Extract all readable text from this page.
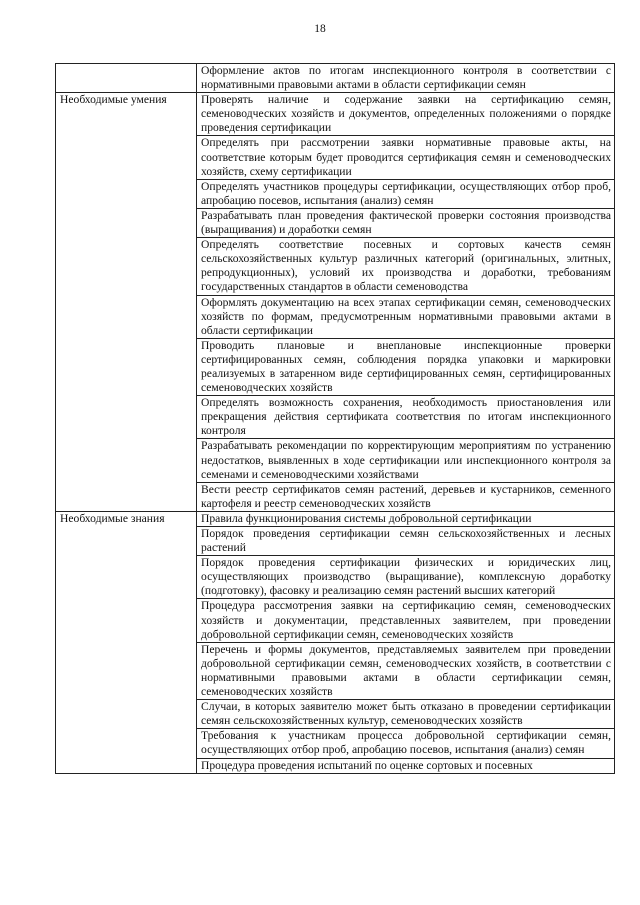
18
	Оформление актов по итогам инспекционного контроля в соответствии с нормативными правовыми актами в области сертификации семян
Необходимые умения	Проверять наличие и содержание заявки на сертификацию семян, семеноводческих хозяйств и документов, определенных положениями о порядке проведения сертификации
	Определять при рассмотрении заявки нормативные правовые акты, на соответствие которым будет проводится сертификация семян и семеноводческих хозяйств, схему сертификации
	Определять участников процедуры сертификации, осуществляющих отбор проб, апробацию посевов, испытания (анализ) семян
	Разрабатывать план проведения фактической проверки состояния производства (выращивания) и доработки семян
	Определять соответствие посевных и сортовых качеств семян сельскохозяйственных культур различных категорий (оригинальных, элитных, репродукционных), условий их производства и доработки, требованиям государственных стандартов в области семеноводства
	Оформлять документацию на всех этапах сертификации семян, семеноводческих хозяйств по формам, предусмотренным нормативными правовыми актами в области сертификации
	Проводить плановые и внеплановые инспекционные проверки сертифицированных семян, соблюдения порядка упаковки и маркировки реализуемых в затаренном виде сертифицированных семян, сертифицированных семеноводческих хозяйств
	Определять возможность сохранения, необходимость приостановления или прекращения действия сертификата соответствия по итогам инспекционного контроля
	Разрабатывать рекомендации по корректирующим мероприятиям по устранению недостатков, выявленных в ходе сертификации или инспекционного контроля за семенами и семеноводческими хозяйствами
	Вести реестр сертификатов семян растений, деревьев и кустарников, семенного картофеля и реестр семеноводческих хозяйств
Необходимые знания	Правила функционирования системы добровольной сертификации
	Порядок проведения сертификации семян сельскохозяйственных и лесных растений
	Порядок проведения сертификации физических и юридических лиц, осуществляющих производство (выращивание), комплексную доработку (подготовку), фасовку и реализацию семян растений высших категорий
	Процедура рассмотрения заявки на сертификацию семян, семеноводческих хозяйств и документации, представленных заявителем, при проведении добровольной сертификации семян, семеноводческих хозяйств
	Перечень и формы документов, представляемых заявителем при проведении добровольной сертификации семян, семеноводческих хозяйств, в соответствии с нормативными правовыми актами в области сертификации семян, семеноводческих хозяйств
	Случаи, в которых заявителю может быть отказано в проведении сертификации семян сельскохозяйственных культур, семеноводческих хозяйств
	Требования к участникам процесса добровольной сертификации семян, осуществляющих отбор проб, апробацию посевов, испытания (анализ) семян
	Процедура проведения испытаний по оценке сортовых и посевных
